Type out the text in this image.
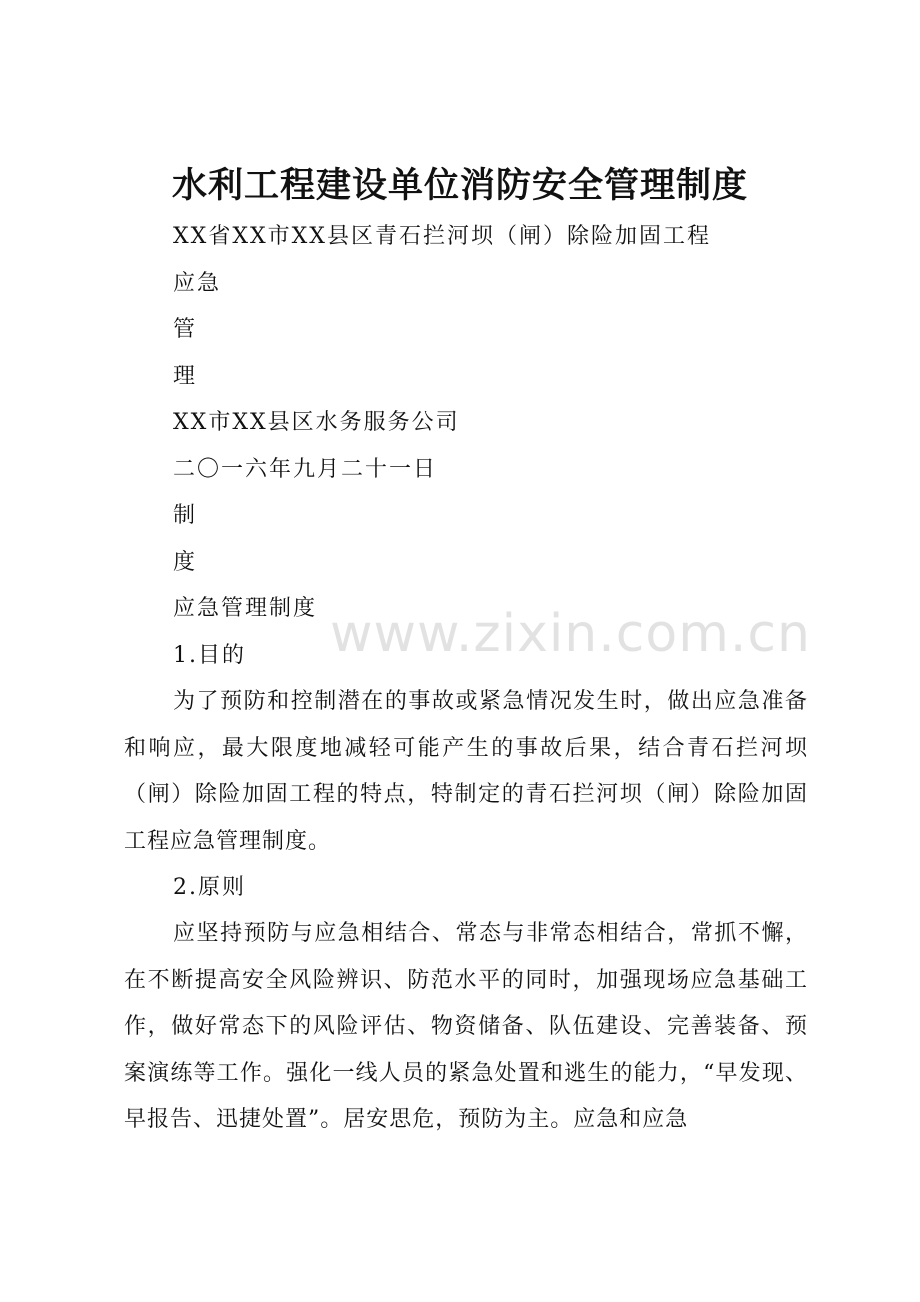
水利工程建设单位消防安全管理制度
XX省XX市XX县区青石拦河坝（闸）除险加固工程
应急
管
理
XX市XX县区水务服务公司
二〇一六年九月二十一日
制
度
应急管理制度
1.目的
为了预防和控制潜在的事故或紧急情况发生时，做出应急准备和响应，最大限度地减轻可能产生的事故后果，结合青石拦河坝（闸）除险加固工程的特点，特制定的青石拦河坝（闸）除险加固工程应急管理制度。
2.原则
应坚持预防与应急相结合、常态与非常态相结合，常抓不懈，在不断提高安全风险辨识、防范水平的同时，加强现场应急基础工作，做好常态下的风险评估、物资储备、队伍建设、完善装备、预案演练等工作。强化一线人员的紧急处置和逃生的能力，“早发现、早报告、迅捷处置”。居安思危，预防为主。应急和应急
www.zixin.com.cn
